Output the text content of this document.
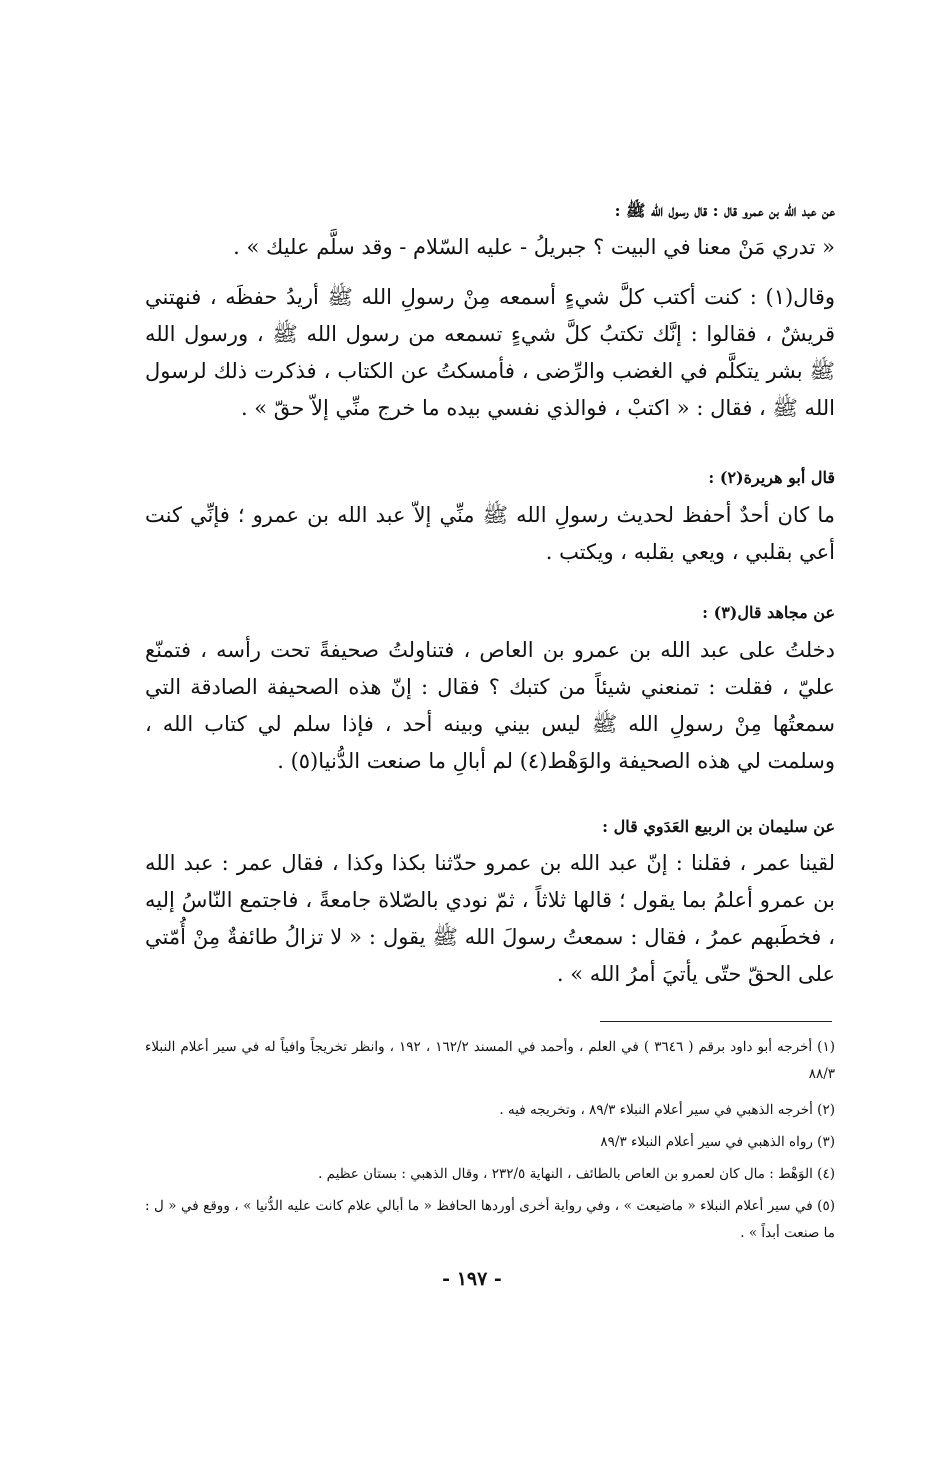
عن عبد الله بن عمرو قال : قال رسول الله ﷺ :
« تدري مَنْ معنا في البيت ؟ جبريلُ - عليه السّلام - وقد سلَّم عليك » .
وقال(١) : كنت أكتب كلَّ شيءٍ أسمعه مِنْ رسولِ الله ﷺ أريدُ حفظَه ، فنهتني قريشٌ ، فقالوا : إنَّك تكتبُ كلَّ شيءٍ تسمعه من رسول الله ﷺ ، ورسول الله ﷺ بشر يتكلَّم في الغضب والرِّضى ، فأمسكتُ عن الكتاب ، فذكرت ذلك لرسول الله ﷺ ، فقال : « اكتبْ ، فوالذي نفسي بيده ما خرج منِّي إلاّ حقّ » .
قال أبو هريرة(٢) :
ما كان أحدٌ أحفظ لحديث رسولِ الله ﷺ منِّي إلاّ عبد الله بن عمرو ؛ فإنِّي كنت أعي بقلبي ، ويعي بقلبه ، ويكتب .
عن مجاهد قال(٣) :
دخلتُ على عبد الله بن عمرو بن العاص ، فتناولتُ صحيفةً تحت رأسه ، فتمنّع عليّ ، فقلت : تمنعني شيئاً من كتبك ؟ فقال : إنّ هذه الصحيفة الصادقة التي سمعتُها مِنْ رسولِ الله ﷺ ليس بيني وبينه أحد ، فإذا سلم لي كتاب الله ، وسلمت لي هذه الصحيفة والوَهْط(٤) لم أبالِ ما صنعت الدُّنيا(٥) .
عن سليمان بن الربيع العَدَوي قال :
لقينا عمر ، فقلنا : إنّ عبد الله بن عمرو حدّثنا بكذا وكذا ، فقال عمر : عبد الله بن عمرو أعلمُ بما يقول ؛ قالها ثلاثاً ، ثمّ نودي بالصّلاة جامعةً ، فاجتمع النّاسُ إليه ، فخطَبهم عمرُ ، فقال : سمعتُ رسولَ الله ﷺ يقول : « لا تزالُ طائفةٌ مِنْ أُمّتي على الحقّ حتّى يأتيَ أمرُ الله » .
(١) أخرجه أبو داود برقم ( ٣٦٤٦ ) في العلم ، وأحمد في المسند ١٦٢/٢ ، ١٩٢ ، وانظر تخريجاً وافياً له في سير أعلام النبلاء ٨٨/٣
(٢) أخرجه الذهبي في سير أعلام النبلاء ٨٩/٣ ، وتخريجه فيه .
(٣) رواه الذهبي في سير أعلام النبلاء ٨٩/٣
(٤) الوَهْط : مال كان لعمرو بن العاص بالطائف ، النهاية ٢٣٢/٥ ، وقال الذهبي : بستان عظيم .
(٥) في سير أعلام النبلاء « ماضيعت » ، وفي رواية أخرى أوردها الحافظ « ما أبالي علام كانت عليه الدُّنيا » ، ووقع في « ل : ما صنعت أبداً » .
- ١٩٧ -
